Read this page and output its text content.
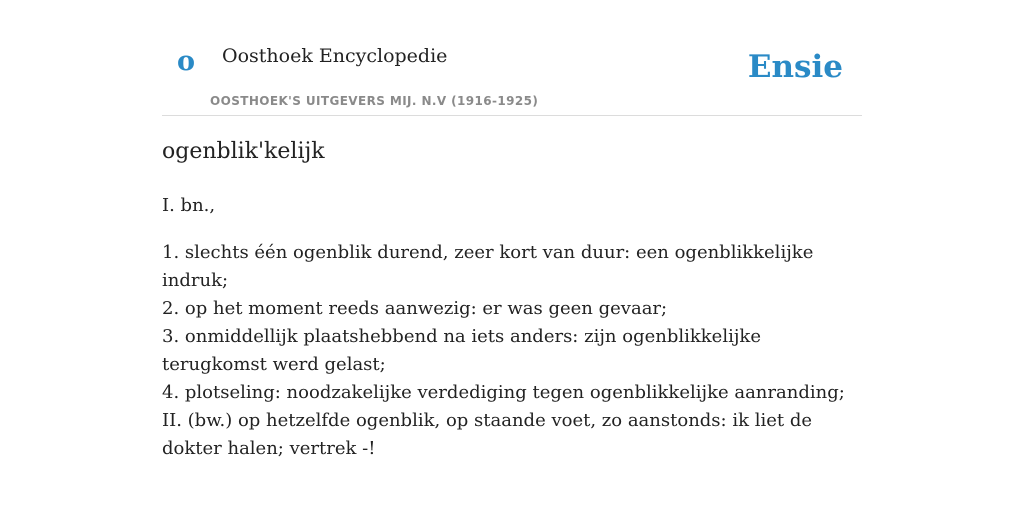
o Oosthoek Encyclopedie	Ensie
OOSTHOEK'S UITGEVERS MIJ. N.V (1916-1925)
ogenblik'kelijk
I. bn.,
1. slechts één ogenblik durend, zeer kort van duur: een ogenblikkelijke indruk;
2. op het moment reeds aanwezig: er was geen gevaar;
3. onmiddellijk plaatshebbend na iets anders: zijn ogenblikkelijke terugkomst werd gelast;
4. plotseling: noodzakelijke verdediging tegen ogenblikkelijke aanranding;
II. (bw.) op hetzelfde ogenblik, op staande voet, zo aanstonds: ik liet de dokter halen; vertrek -!
